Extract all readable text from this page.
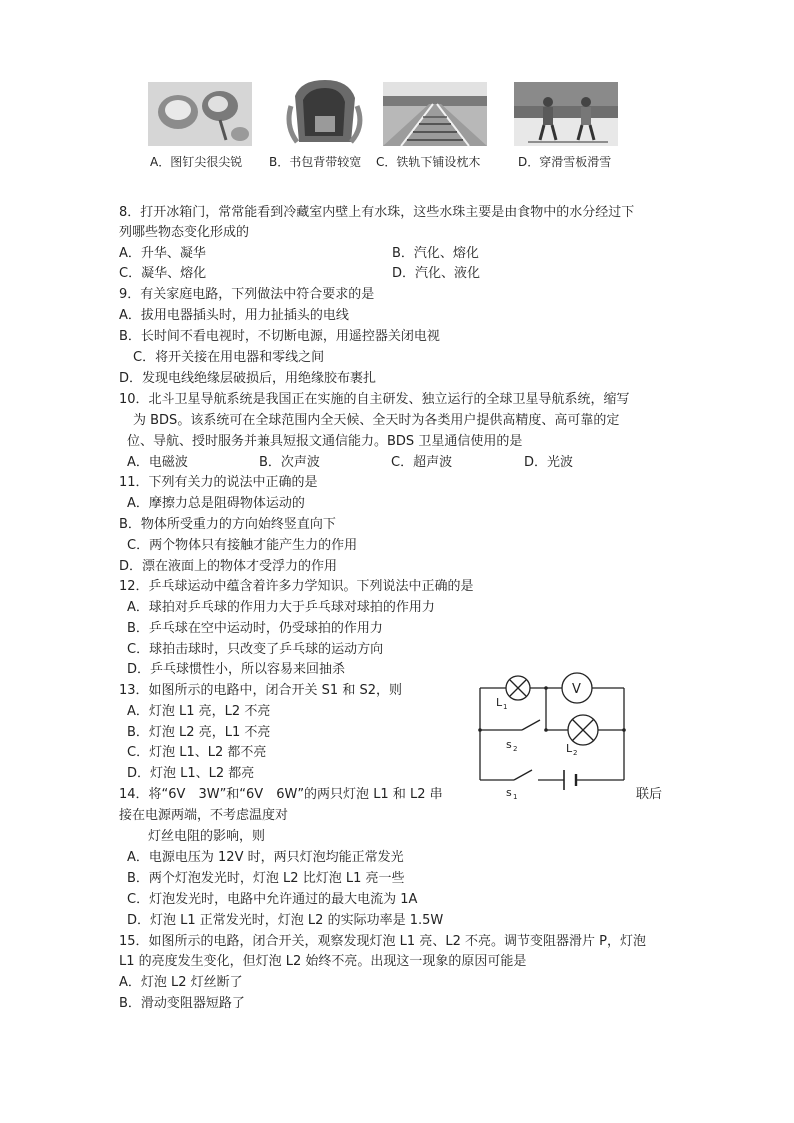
A．图钉尖很尖锐 B．书包背带较宽 C．铁轨下铺设枕木	D．穿滑雪板滑雪
8．打开冰箱门，常常能看到冷藏室内壁上有水珠，这些水珠主要是由食物中的水分经过下
列哪些物态变化形成的
A．升华、凝华	B．汽化、熔化
C．凝华、熔化	D．汽化、液化
9．有关家庭电路，下列做法中符合要求的是
A．拔用电器插头时，用力扯插头的电线
B．长时间不看电视时，不切断电源，用遥控器关闭电视
C．将开关接在用电器和零线之间
D．发现电线绝缘层破损后，用绝缘胶布裹扎
10．北斗卫星导航系统是我国正在实施的自主研发、独立运行的全球卫星导航系统，缩写
为 BDS。该系统可在全球范围内全天候、全天时为各类用户提供高精度、高可靠的定
位、导航、授时服务并兼具短报文通信能力。BDS 卫星通信使用的是
A．电磁波	B．次声波	C．超声波	D．光波
11．下列有关力的说法中正确的是
A．摩擦力总是阻碍物体运动的
B．物体所受重力的方向始终竖直向下
C．两个物体只有接触才能产生力的作用
D．漂在液面上的物体才受浮力的作用
12．乒乓球运动中蕴含着许多力学知识。下列说法中正确的是
A．球拍对乒乓球的作用力大于乒乓球对球拍的作用力
B．乒乓球在空中运动时，仍受球拍的作用力
C．球拍击球时，只改变了乒乓球的运动方向
D．乒乓球惯性小，所以容易来回抽杀
13．如图所示的电路中，闭合开关 S1 和 S2，则
A．灯泡 L1 亮，L2 不亮
B．灯泡 L2 亮，L1 不亮
C．灯泡 L1、L2 都不亮
D．灯泡 L1、L2 都亮
14．将“6V　3W”和“6V　6W”的两只灯泡 L1 和 L2 串	联后
接在电源两端，不考虑温度对
灯丝电阻的影响，则
A．电源电压为 12V 时，两只灯泡均能正常发光
B．两个灯泡发光时，灯泡 L2 比灯泡 L1 亮一些
C．灯泡发光时，电路中允许通过的最大电流为 1A
D．灯泡 L1 正常发光时，灯泡 L2 的实际功率是 1.5W
15．如图所示的电路，闭合开关，观察发现灯泡 L1 亮、L2 不亮。调节变阻器滑片 P，灯泡
L1 的亮度发生变化，但灯泡 L2 始终不亮。出现这一现象的原因可能是
A．灯泡 L2 灯丝断了
B．滑动变阻器短路了
V
L 1
L 2
s 2
s 1
